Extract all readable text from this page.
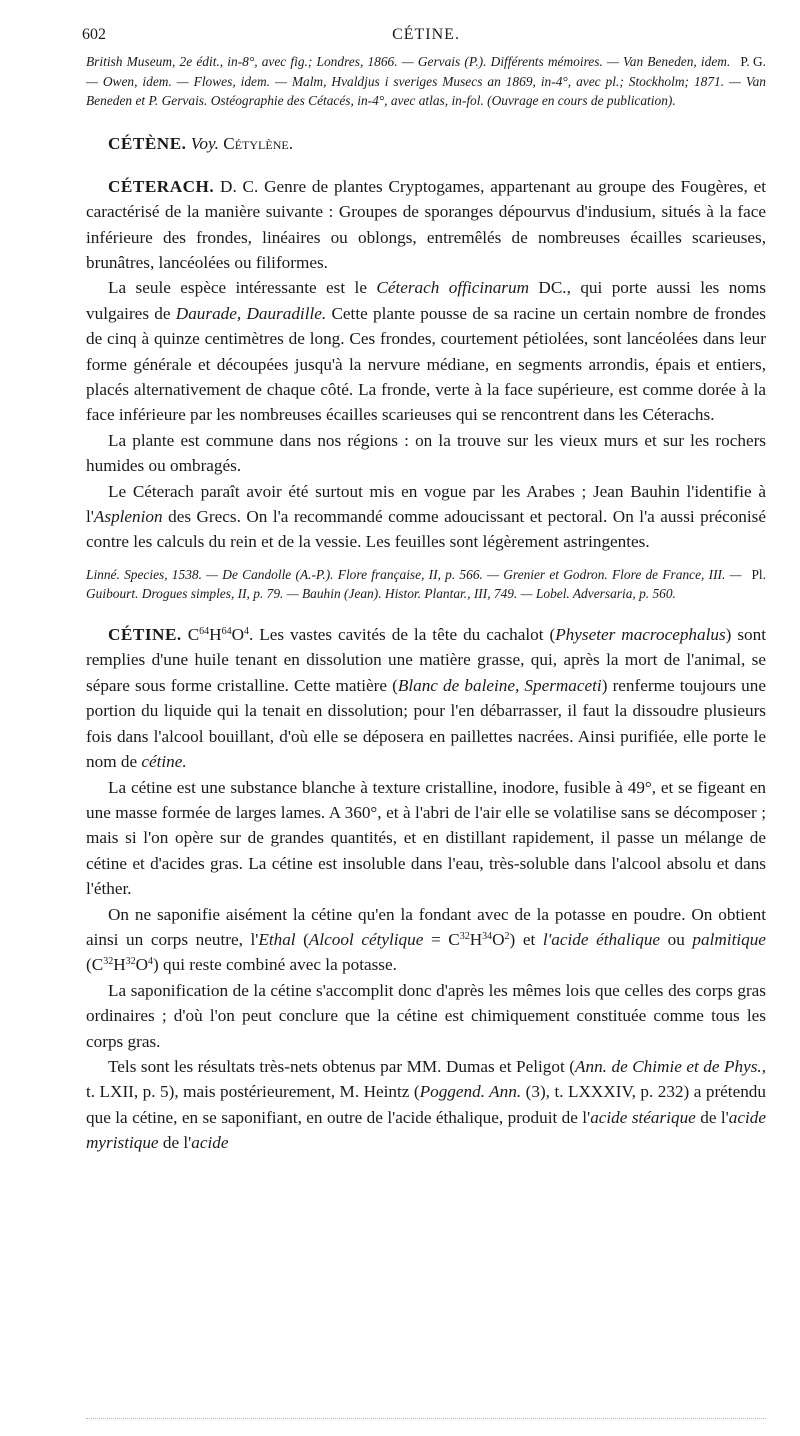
602	CÉTINE.
P. G.
British Museum, 2e édit., in-8°, avec fig.; Londres, 1866. — Gervais (P.). Différents mémoires. — Van Beneden, idem. — Owen, idem. — Flowes, idem. — Malm, Hvaldjus i sveriges Musecs an 1869, in-4°, avec pl.; Stockholm; 1871. — Van Beneden et P. Gervais. Ostéographie des Cétacés, in-4°, avec atlas, in-fol. (Ouvrage en cours de publication).

CÉTÈNE. Voy. Cétylène.

CÉTERACH. D. C. Genre de plantes Cryptogames, appartenant au groupe des Fougères, et caractérisé de la manière suivante : Groupes de sporanges dépourvus d'indusium, situés à la face inférieure des frondes, linéaires ou oblongs, entremêlés de nombreuses écailles scarieuses, brunâtres, lancéolées ou filiformes.

La seule espèce intéressante est le Céterach officinarum DC., qui porte aussi les noms vulgaires de Daurade, Dauradille. Cette plante pousse de sa racine un certain nombre de frondes de cinq à quinze centimètres de long. Ces frondes, courtement pétiolées, sont lancéolées dans leur forme générale et découpées jusqu'à la nervure médiane, en segments arrondis, épais et entiers, placés alternativement de chaque côté. La fronde, verte à la face supérieure, est comme dorée à la face inférieure par les nombreuses écailles scarieuses qui se rencontrent dans les Céterachs.

La plante est commune dans nos régions : on la trouve sur les vieux murs et sur les rochers humides ou ombragés.

Le Céterach paraît avoir été surtout mis en vogue par les Arabes ; Jean Bauhin l'identifie à l'Asplenion des Grecs. On l'a recommandé comme adoucissant et pectoral. On l'a aussi préconisé contre les calculs du rein et de la vessie. Les feuilles sont légèrement astringentes.

Pl.
Linné. Species, 1538. — De Candolle (A.-P.). Flore française, II, p. 566. — Grenier et Godron. Flore de France, III. — Guibourt. Drogues simples, II, p. 79. — Bauhin (Jean). Histor. Plantar., III, 749. — Lobel. Adversaria, p. 560.

CÉTINE. $C^{64}H^{64}O^4$. Les vastes cavités de la tête du cachalot (Physeter macrocephalus) sont remplies d'une huile tenant en dissolution une matière grasse, qui, après la mort de l'animal, se sépare sous forme cristalline. Cette matière (Blanc de baleine, Spermaceti) renferme toujours une portion du liquide qui la tenait en dissolution; pour l'en débarrasser, il faut la dissoudre plusieurs fois dans l'alcool bouillant, d'où elle se déposera en paillettes nacrées. Ainsi purifiée, elle porte le nom de cétine.

La cétine est une substance blanche à texture cristalline, inodore, fusible à 49°, et se figeant en une masse formée de larges lames. A 360°, et à l'abri de l'air elle se volatilise sans se décomposer ; mais si l'on opère sur de grandes quantités, et en distillant rapidement, il passe un mélange de cétine et d'acides gras. La cétine est insoluble dans l'eau, très-soluble dans l'alcool absolu et dans l'éther.

On ne saponifie aisément la cétine qu'en la fondant avec de la potasse en poudre. On obtient ainsi un corps neutre, l'Ethal (Alcool cétylique = $C^{32}H^{34}O^2$) et l'acide éthalique ou palmitique $(C^{32}H^{32}O^4)$ qui reste combiné avec la potasse.

La saponification de la cétine s'accomplit donc d'après les mêmes lois que celles des corps gras ordinaires ; d'où l'on peut conclure que la cétine est chimiquement constituée comme tous les corps gras.

Tels sont les résultats très-nets obtenus par MM. Dumas et Peligot (Ann. de Chimie et de Phys., t. LXII, p. 5), mais postérieurement, M. Heintz (Poggend. Ann. (3), t. LXXXIV, p. 232) a prétendu que la cétine, en se saponifiant, en outre de l'acide éthalique, produit de l'acide stéarique de l'acide myristique de l'acide
